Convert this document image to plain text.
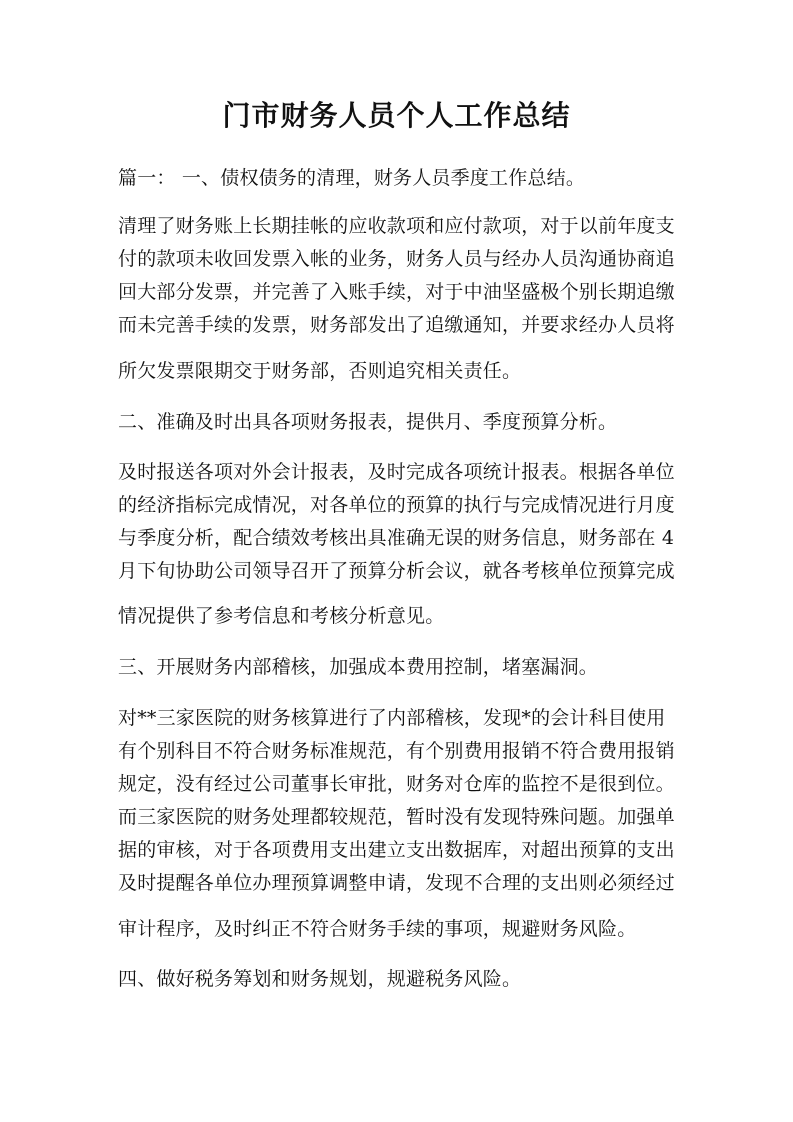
门市财务人员个人工作总结
篇一： 一、债权债务的清理，财务人员季度工作总结。
清理了财务账上长期挂帐的应收款项和应付款项，对于以前年度支
付的款项未收回发票入帐的业务，财务人员与经办人员沟通协商追
回大部分发票，并完善了入账手续，对于中油坚盛极个别长期追缴
而未完善手续的发票，财务部发出了追缴通知，并要求经办人员将
所欠发票限期交于财务部，否则追究相关责任。
二、准确及时出具各项财务报表，提供月、季度预算分析。
及时报送各项对外会计报表，及时完成各项统计报表。根据各单位
的经济指标完成情况，对各单位的预算的执行与完成情况进行月度
与季度分析，配合绩效考核出具准确无误的财务信息，财务部在 4
月下旬协助公司领导召开了预算分析会议，就各考核单位预算完成
情况提供了参考信息和考核分析意见。
三、开展财务内部稽核，加强成本费用控制，堵塞漏洞。
对**三家医院的财务核算进行了内部稽核，发现*的会计科目使用
有个别科目不符合财务标准规范，有个别费用报销不符合费用报销
规定，没有经过公司董事长审批，财务对仓库的监控不是很到位。
而三家医院的财务处理都较规范，暂时没有发现特殊问题。加强单
据的审核，对于各项费用支出建立支出数据库，对超出预算的支出
及时提醒各单位办理预算调整申请，发现不合理的支出则必须经过
审计程序，及时纠正不符合财务手续的事项，规避财务风险。
四、做好税务筹划和财务规划，规避税务风险。
